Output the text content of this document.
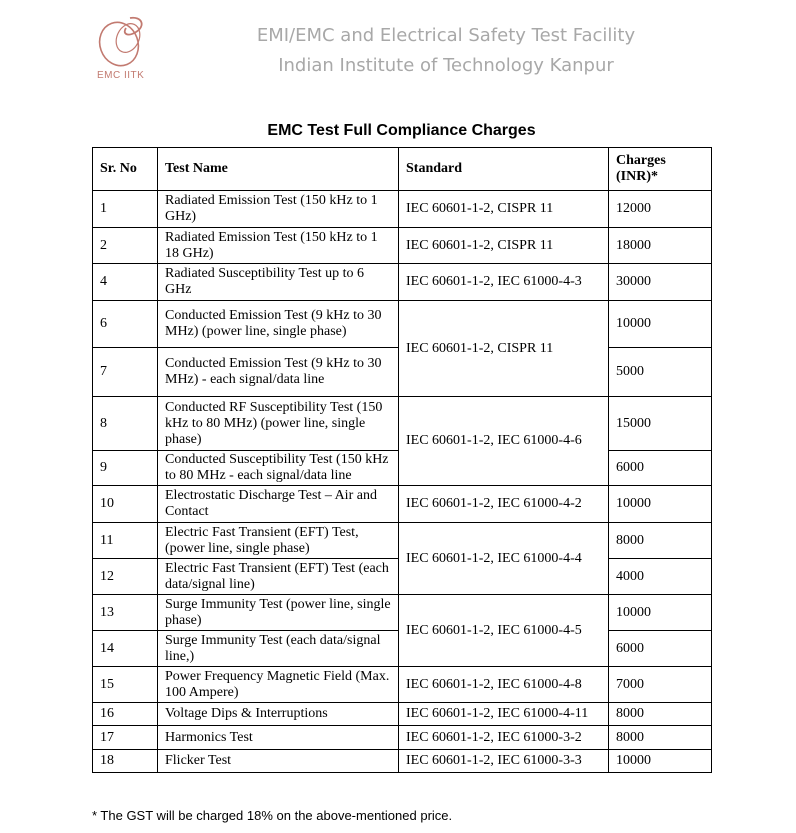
EMC IITK
EMI/EMC and Electrical Safety Test Facility
Indian Institute of Technology Kanpur
EMC Test Full Compliance Charges
Sr. No	Test Name	Standard	Charges (INR)*
1	Radiated Emission Test (150 kHz to 1 GHz)	IEC 60601-1-2, CISPR 11	12000
2	Radiated Emission Test (150 kHz to 1 18 GHz)	IEC 60601-1-2, CISPR 11	18000
4	Radiated Susceptibility Test up to 6 GHz	IEC 60601-1-2, IEC 61000-4-3	30000
6	Conducted Emission Test (9 kHz to 30 MHz) (power line, single phase)	IEC 60601-1-2, CISPR 11	10000
7	Conducted Emission Test (9 kHz to 30 MHz) - each signal/data line		5000
8	Conducted RF Susceptibility Test (150 kHz to 80 MHz) (power line, single phase)	IEC 60601-1-2, IEC 61000-4-6	15000
9	Conducted Susceptibility Test (150 kHz to 80 MHz - each signal/data line		6000
10	Electrostatic Discharge Test – Air and Contact	IEC 60601-1-2, IEC 61000-4-2	10000
11	Electric Fast Transient (EFT) Test, (power line, single phase)	IEC 60601-1-2, IEC 61000-4-4	8000
12	Electric Fast Transient (EFT) Test (each data/signal line)		4000
13	Surge Immunity Test (power line, single phase)	IEC 60601-1-2, IEC 61000-4-5	10000
14	Surge Immunity Test (each data/signal line,)		6000
15	Power Frequency Magnetic Field (Max. 100 Ampere)	IEC 60601-1-2, IEC 61000-4-8	7000
16	Voltage Dips & Interruptions	IEC 60601-1-2, IEC 61000-4-11	8000
17	Harmonics Test	IEC 60601-1-2, IEC 61000-3-2	8000
18	Flicker Test	IEC 60601-1-2, IEC 61000-3-3	10000
* The GST will be charged 18% on the above-mentioned price.
